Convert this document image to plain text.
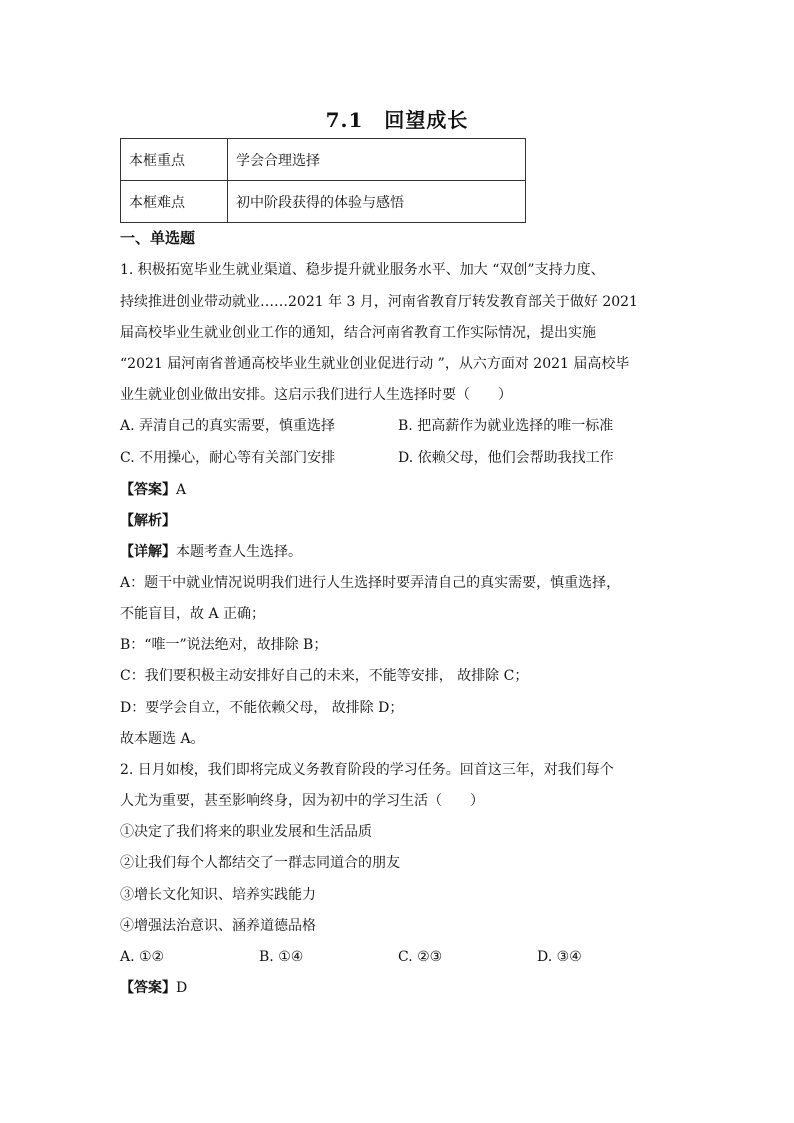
7.1　回望成长
本框重点	学会合理选择
本框难点	初中阶段获得的体验与感悟
一、单选题
1. 积极拓宽毕业生就业渠道、稳步提升就业服务水平、加大 “双创”支持力度、
持续推进创业带动就业……2021 年 3 月，河南省教育厅转发教育部关于做好 2021
届高校毕业生就业创业工作的通知，结合河南省教育工作实际情况，提出实施
“2021 届河南省普通高校毕业生就业创业促进行动 ”，从六方面对 2021 届高校毕
业生就业创业做出安排。这启示我们进行人生选择时要（　　）
A. 弄清自己的真实需要，慎重选择	B. 把高薪作为就业选择的唯一标准
C. 不用操心，耐心等有关部门安排	D. 依赖父母，他们会帮助我找工作
【答案】A
【解析】
【详解】本题考查人生选择。
A：题干中就业情况说明我们进行人生选择时要弄清自己的真实需要，慎重选择，
不能盲目，故 A 正确；
B：“唯一”说法绝对，故排除 B；
C：我们要积极主动安排好自己的未来，不能等安排， 故排除 C；
D：要学会自立，不能依赖父母， 故排除 D；
故本题选 A。
2. 日月如梭，我们即将完成义务教育阶段的学习任务。回首这三年，对我们每个
人尤为重要，甚至影响终身，因为初中的学习生活（　　）
①决定了我们将来的职业发展和生活品质
②让我们每个人都结交了一群志同道合的朋友
③增长文化知识、培养实践能力
④增强法治意识、涵养道德品格
A. ①②	B. ①④	C. ②③	D. ③④
【答案】D
